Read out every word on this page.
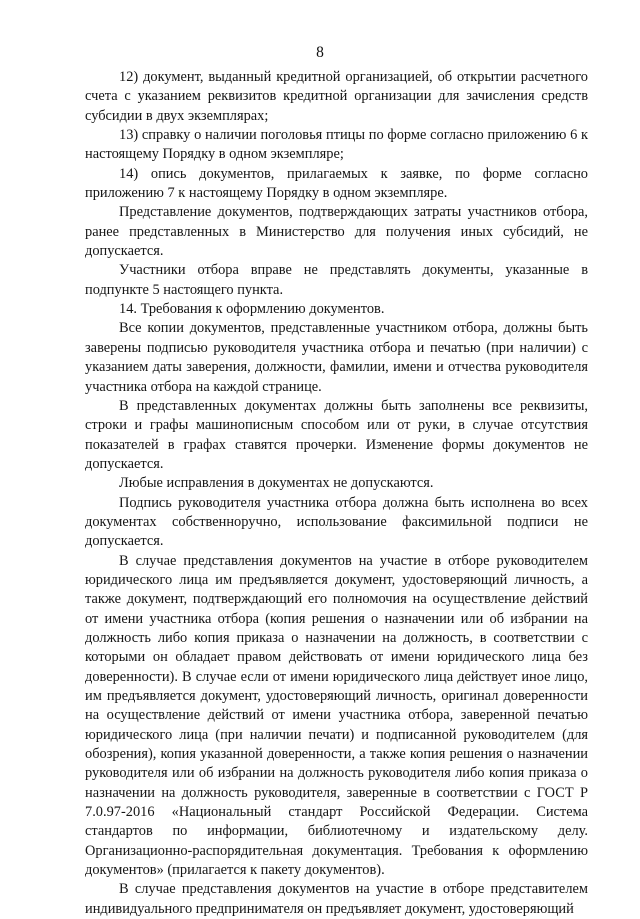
8

12) документ, выданный кредитной организацией, об открытии расчетного счета с указанием реквизитов кредитной организации для зачисления средств субсидии в двух экземплярах;

13) справку о наличии поголовья птицы по форме согласно приложению 6 к настоящему Порядку в одном экземпляре;

14) опись документов, прилагаемых к заявке, по форме согласно приложению 7 к настоящему Порядку в одном экземпляре.

Представление документов, подтверждающих затраты участников отбора, ранее представленных в Министерство для получения иных субсидий, не допускается.

Участники отбора вправе не представлять документы, указанные в подпункте 5 настоящего пункта.

14. Требования к оформлению документов.

Все копии документов, представленные участником отбора, должны быть заверены подписью руководителя участника отбора и печатью (при наличии) с указанием даты заверения, должности, фамилии, имени и отчества руководителя участника отбора на каждой странице.

В представленных документах должны быть заполнены все реквизиты, строки и графы машинописным способом или от руки, в случае отсутствия показателей в графах ставятся прочерки. Изменение формы документов не допускается.

Любые исправления в документах не допускаются.

Подпись руководителя участника отбора должна быть исполнена во всех документах собственноручно, использование факсимильной подписи не допускается.

В случае представления документов на участие в отборе руководителем юридического лица им предъявляется документ, удостоверяющий личность, а также документ, подтверждающий его полномочия на осуществление действий от имени участника отбора (копия решения о назначении или об избрании на должность либо копия приказа о назначении на должность, в соответствии с которыми он обладает правом действовать от имени юридического лица без доверенности). В случае если от имени юридического лица действует иное лицо, им предъявляется документ, удостоверяющий личность, оригинал доверенности на осуществление действий от имени участника отбора, заверенной печатью юридического лица (при наличии печати) и подписанной руководителем (для обозрения), копия указанной доверенности, а также копия решения о назначении руководителя или об избрании на должность руководителя либо копия приказа о назначении на должность руководителя, заверенные в соответствии с ГОСТ Р 7.0.97-2016 «Национальный стандарт Российской Федерации. Система стандартов по информации, библиотечному и издательскому делу. Организационно-распорядительная документация. Требования к оформлению документов» (прилагается к пакету документов).

В случае представления документов на участие в отборе представителем индивидуального предпринимателя он предъявляет документ, удостоверяющий
